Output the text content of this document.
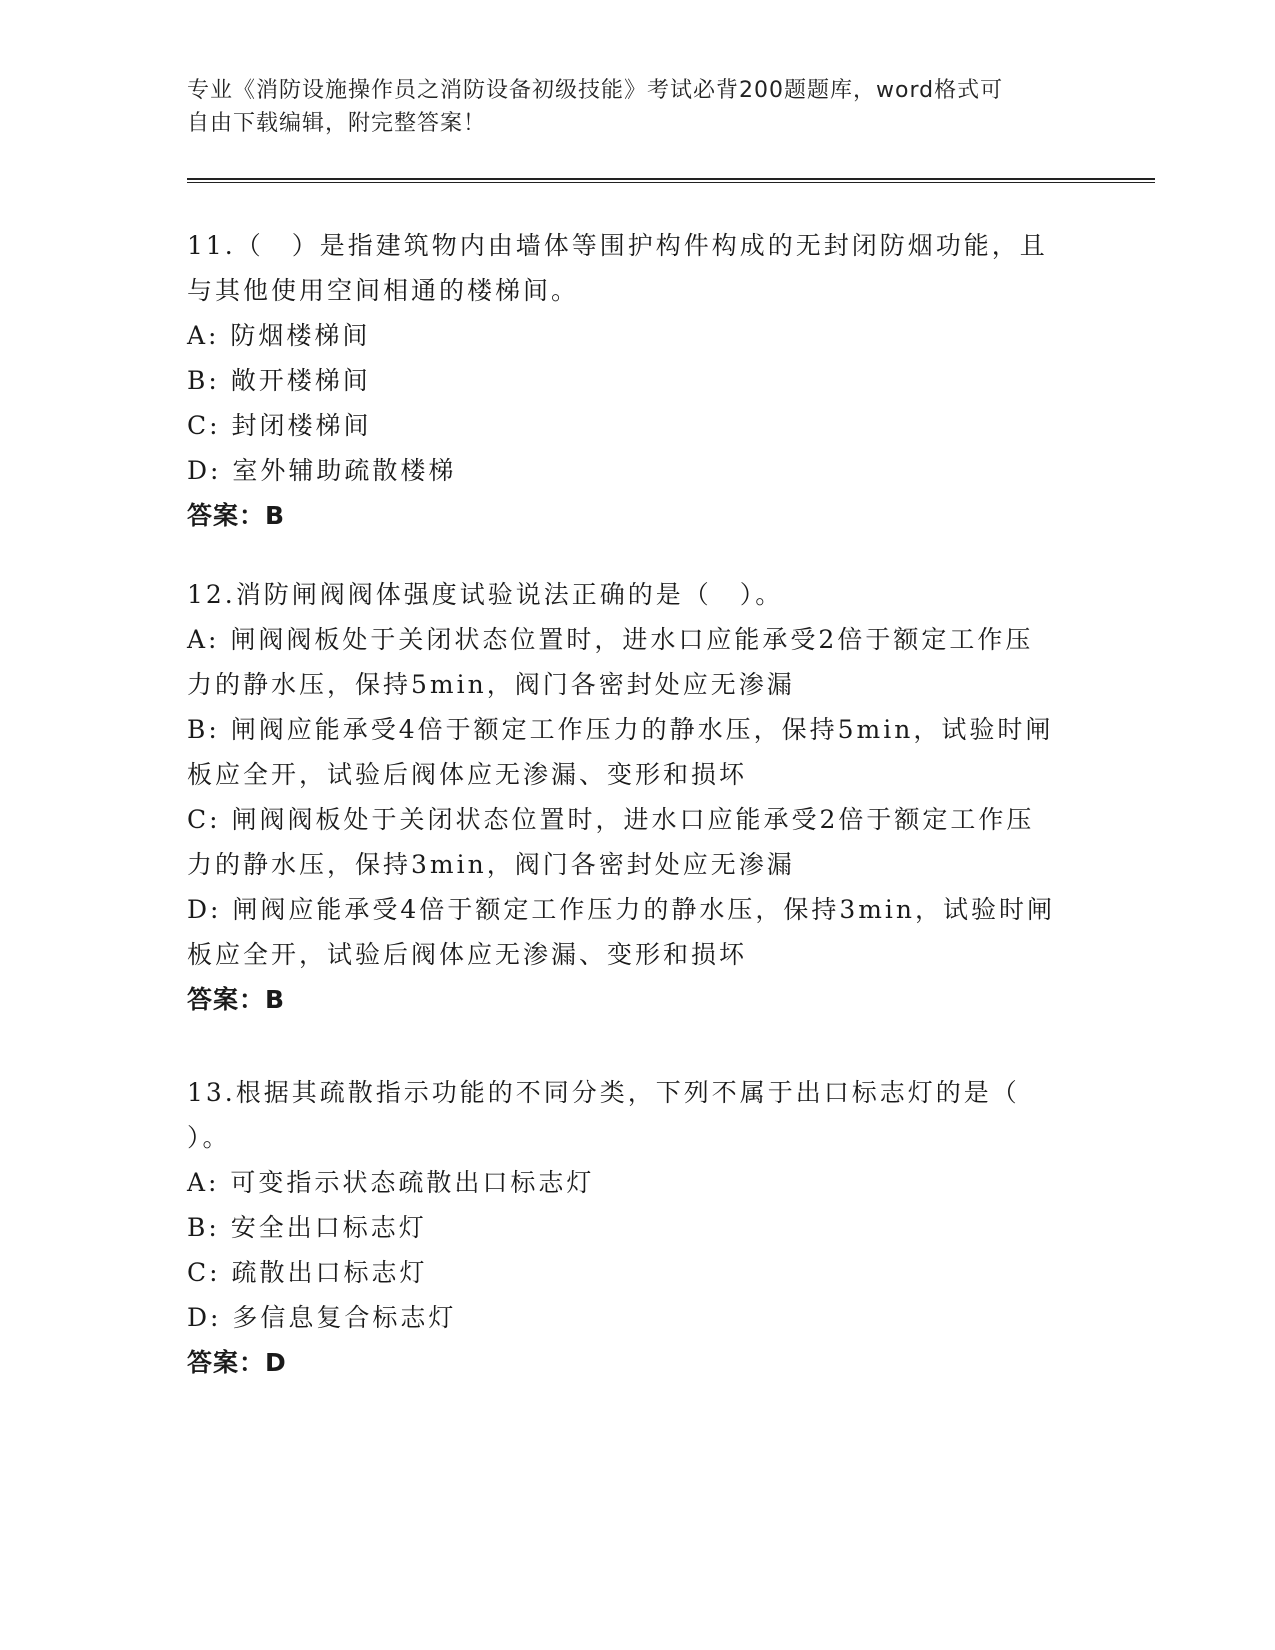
专业《消防设施操作员之消防设备初级技能》考试必背200题题库，word格式可

自由下载编辑，附完整答案！

11.（　）是指建筑物内由墙体等围护构件构成的无封闭防烟功能，且

与其他使用空间相通的楼梯间。

A: 防烟楼梯间

B: 敞开楼梯间

C: 封闭楼梯间

D: 室外辅助疏散楼梯

答案：B

12.消防闸阀阀体强度试验说法正确的是（　）。

A: 闸阀阀板处于关闭状态位置时，进水口应能承受2倍于额定工作压

力的静水压，保持5min，阀门各密封处应无渗漏

B: 闸阀应能承受4倍于额定工作压力的静水压，保持5min，试验时闸

板应全开，试验后阀体应无渗漏、变形和损坏

C: 闸阀阀板处于关闭状态位置时，进水口应能承受2倍于额定工作压

力的静水压，保持3min，阀门各密封处应无渗漏

D: 闸阀应能承受4倍于额定工作压力的静水压，保持3min，试验时闸

板应全开，试验后阀体应无渗漏、变形和损坏

答案：B

13.根据其疏散指示功能的不同分类，下列不属于出口标志灯的是（

）。

A: 可变指示状态疏散出口标志灯

B: 安全出口标志灯

C: 疏散出口标志灯

D: 多信息复合标志灯

答案：D
